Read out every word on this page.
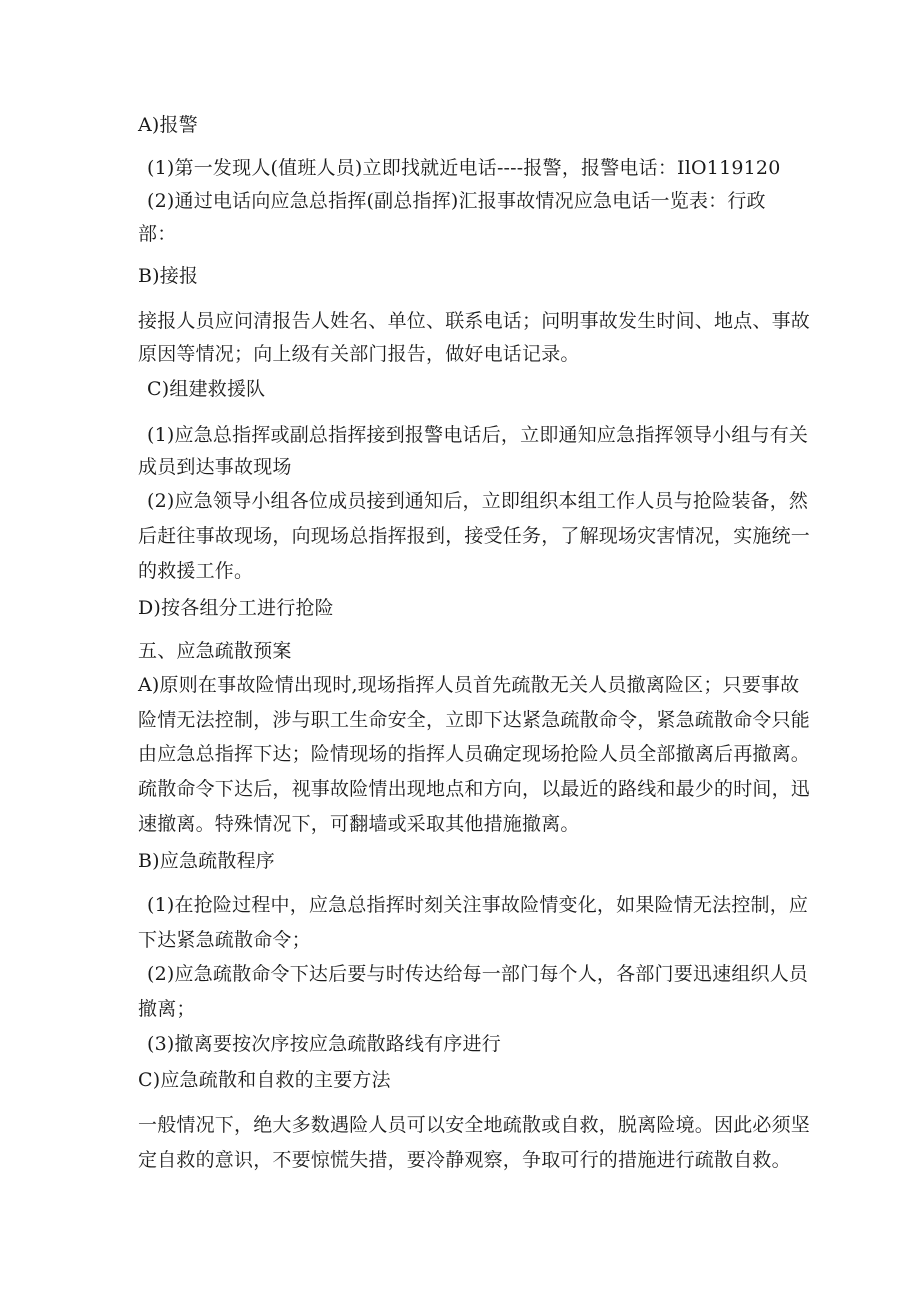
A)报警
(1)第一发现人(值班人员)立即找就近电话----报警，报警电话：IlO119120
(2)通过电话向应急总指挥(副总指挥)汇报事故情况应急电话一览表：行政
部：
B)接报
接报人员应问清报告人姓名、单位、联系电话；问明事故发生时间、地点、事故
原因等情况；向上级有关部门报告，做好电话记录。
C)组建救援队
(1)应急总指挥或副总指挥接到报警电话后，立即通知应急指挥领导小组与有关
成员到达事故现场
(2)应急领导小组各位成员接到通知后，立即组织本组工作人员与抢险装备，然
后赶往事故现场，向现场总指挥报到，接受任务，了解现场灾害情况，实施统一
的救援工作。
D)按各组分工进行抢险
五、应急疏散预案
A)原则在事故险情出现时,现场指挥人员首先疏散无关人员撤离险区；只要事故
险情无法控制，涉与职工生命安全，立即下达紧急疏散命令，紧急疏散命令只能
由应急总指挥下达；险情现场的指挥人员确定现场抢险人员全部撤离后再撤离。
疏散命令下达后，视事故险情出现地点和方向，以最近的路线和最少的时间，迅
速撤离。特殊情况下，可翻墙或采取其他措施撤离。
B)应急疏散程序
(1)在抢险过程中，应急总指挥时刻关注事故险情变化，如果险情无法控制，应
下达紧急疏散命令；
(2)应急疏散命令下达后要与时传达给每一部门每个人，各部门要迅速组织人员
撤离；
(3)撤离要按次序按应急疏散路线有序进行
C)应急疏散和自救的主要方法
一般情况下，绝大多数遇险人员可以安全地疏散或自救，脱离险境。因此必须坚
定自救的意识，不要惊慌失措，要冷静观察，争取可行的措施进行疏散自救。
